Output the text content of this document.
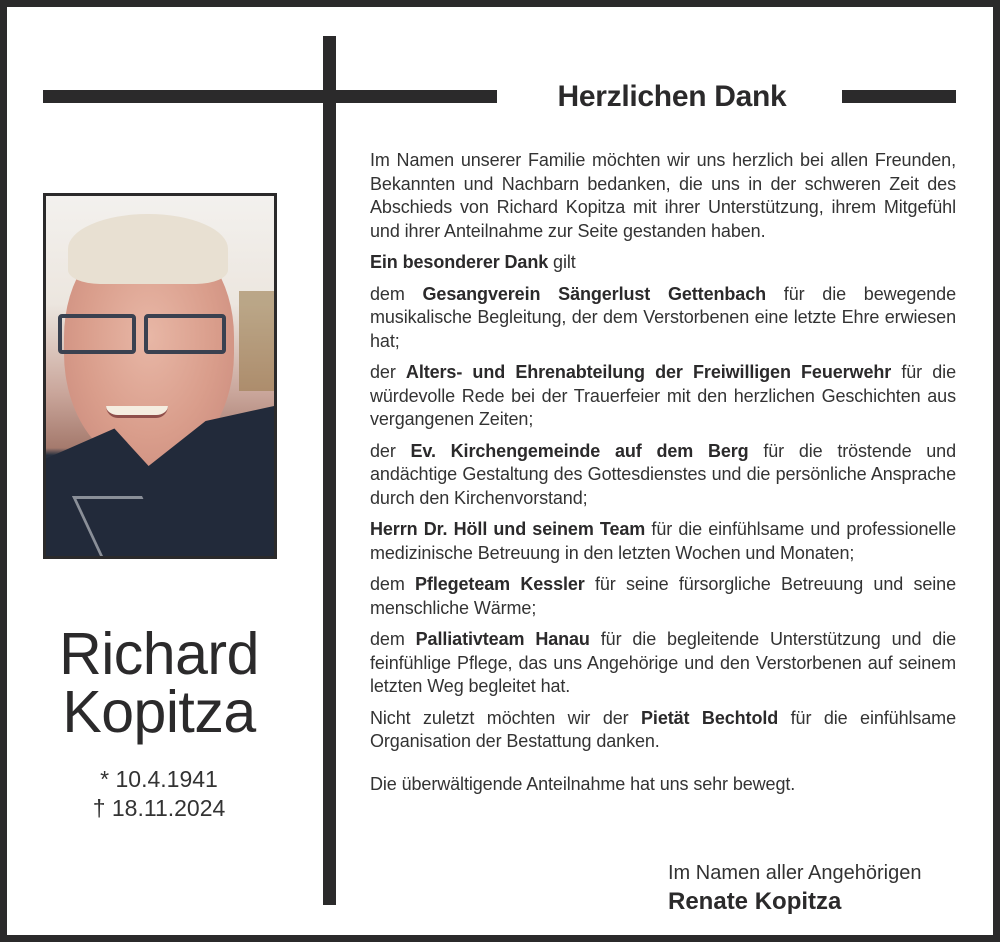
Herzlichen Dank
Richard
Kopitza
* 10.4.1941
† 18.11.2024

Im Namen unserer Familie möchten wir uns herzlich bei allen Freunden, Bekannten und Nachbarn bedanken, die uns in der schweren Zeit des Abschieds von Richard Kopitza mit ihrer Unterstützung, ihrem Mitgefühl und ihrer Anteilnahme zur Seite gestanden haben.

Ein besonderer Dank gilt

dem Gesangverein Sängerlust Gettenbach für die bewegende musikalische Begleitung, der dem Verstorbenen eine letzte Ehre erwiesen hat;

der Alters- und Ehrenabteilung der Freiwilligen Feuerwehr für die würdevolle Rede bei der Trauerfeier mit den herzlichen Geschichten aus vergangenen Zeiten;

der Ev. Kirchengemeinde auf dem Berg für die tröstende und andächtige Gestaltung des Gottesdienstes und die persönliche Ansprache durch den Kirchenvorstand;

Herrn Dr. Höll und seinem Team für die einfühlsame und professionelle medizinische Betreuung in den letzten Wochen und Monaten;

dem Pflegeteam Kessler für seine fürsorgliche Betreuung und seine menschliche Wärme;

dem Palliativteam Hanau für die begleitende Unterstützung und die feinfühlige Pflege, das uns Angehörige und den Verstorbenen auf seinem letzten Weg begleitet hat.

Nicht zuletzt möchten wir der Pietät Bechtold für die einfühlsame Organisation der Bestattung danken.

Die überwältigende Anteilnahme hat uns sehr bewegt.

Im Namen aller Angehörigen
Renate Kopitza
